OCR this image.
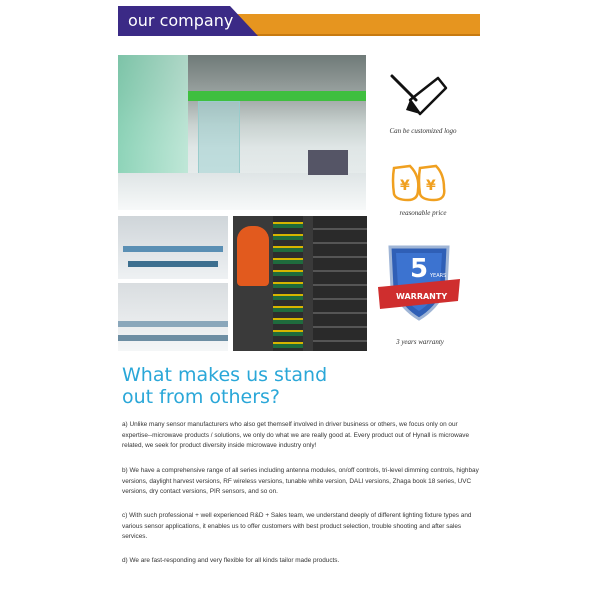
our company
Can be customized logo
¥ ¥
reasonable price
5 YEARS
WARRANTY
3 years warranty
What makes us stand
out from others?
a) Unlike many sensor manufacturers who also get themself involved in driver business or others, we focus only on our expertise--microwave products / solutions, we only do what we are really good at. Every product out of Hynall is microwave related, we seek for product diversity inside microwave industry only!
b) We have a comprehensive range of all series including antenna modules, on/off controls, tri-level dimming controls, highbay versions, daylight harvest versions, RF wireless versions, tunable white version, DALI versions, Zhaga book 18 series, UVC versions, dry contact versions, PIR sensors, and so on.
c) With such professional + well experienced R&D + Sales team, we understand deeply of different lighting fixture types and various sensor applications, it enables us to offer customers with best product selection, trouble shooting and after sales services.
d) We are fast-responding and very flexible for all kinds tailor made products.
